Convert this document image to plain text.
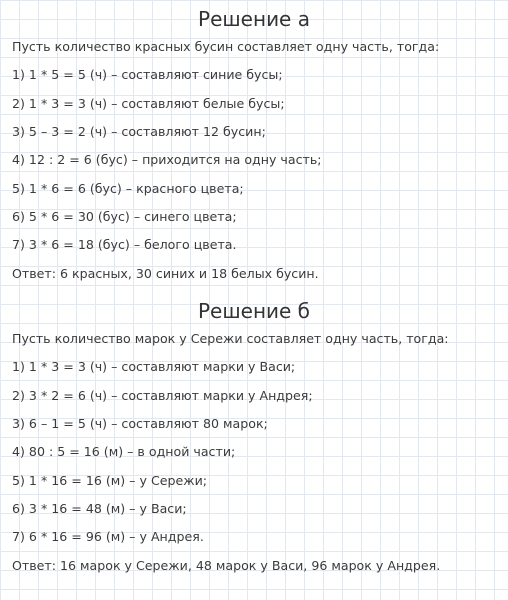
Решение а
Пусть количество красных бусин составляет одну часть, тогда:
1) 1 * 5 = 5 (ч) – составляют синие бусы;
2) 1 * 3 = 3 (ч) – составляют белые бусы;
3) 5 – 3 = 2 (ч) – составляют 12 бусин;
4) 12 : 2 = 6 (бус) – приходится на одну часть;
5) 1 * 6 = 6 (бус) – красного цвета;
6) 5 * 6 = 30 (бус) – синего цвета;
7) 3 * 6 = 18 (бус) – белого цвета.
Ответ: 6 красных, 30 синих и 18 белых бусин.
Решение б
Пусть количество марок у Сережи составляет одну часть, тогда:
1) 1 * 3 = 3 (ч) – составляют марки у Васи;
2) 3 * 2 = 6 (ч) – составляют марки у Андрея;
3) 6 – 1 = 5 (ч) – составляют 80 марок;
4) 80 : 5 = 16 (м) – в одной части;
5) 1 * 16 = 16 (м) – у Сережи;
6) 3 * 16 = 48 (м) – у Васи;
7) 6 * 16 = 96 (м) – у Андрея.
Ответ: 16 марок у Сережи, 48 марок у Васи, 96 марок у Андрея.
